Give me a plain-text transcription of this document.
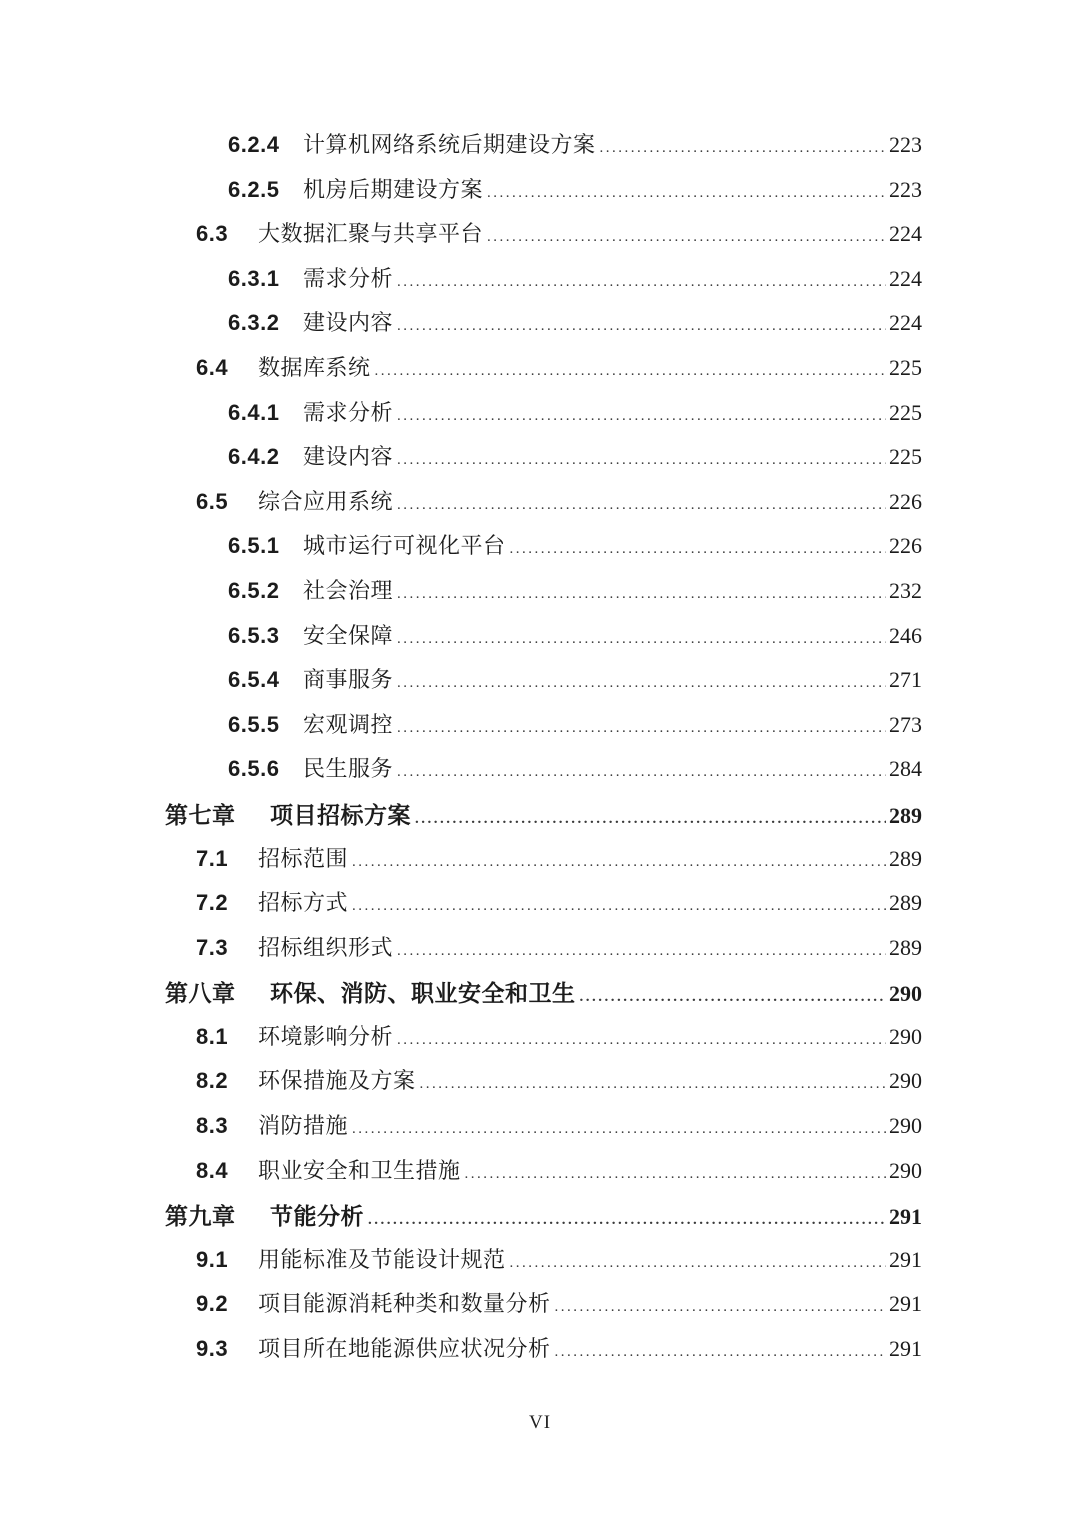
6.2.4	计算机网络系统后期建设方案 .....	223
6.2.5	机房后期建设方案 .....	223
6.3	大数据汇聚与共享平台 .....	224
6.3.1	需求分析 .....	224
6.3.2	建设内容 .....	224
6.4	数据库系统 .....	225
6.4.1	需求分析 .....	225
6.4.2	建设内容 .....	225
6.5	综合应用系统 .....	226
6.5.1	城市运行可视化平台 .....	226
6.5.2	社会治理 .....	232
6.5.3	安全保障 .....	246
6.5.4	商事服务 .....	271
6.5.5	宏观调控 .....	273
6.5.6	民生服务 .....	284
第七章	项目招标方案 .....	289
7.1	招标范围 .....	289
7.2	招标方式 .....	289
7.3	招标组织形式 .....	289
第八章	环保、消防、职业安全和卫生 .....	290
8.1	环境影响分析 .....	290
8.2	环保措施及方案 .....	290
8.3	消防措施 .....	290
8.4	职业安全和卫生措施 .....	290
第九章	节能分析 .....	291
9.1	用能标准及节能设计规范 .....	291
9.2	项目能源消耗种类和数量分析 .....	291
9.3	项目所在地能源供应状况分析 .....	291
VI
